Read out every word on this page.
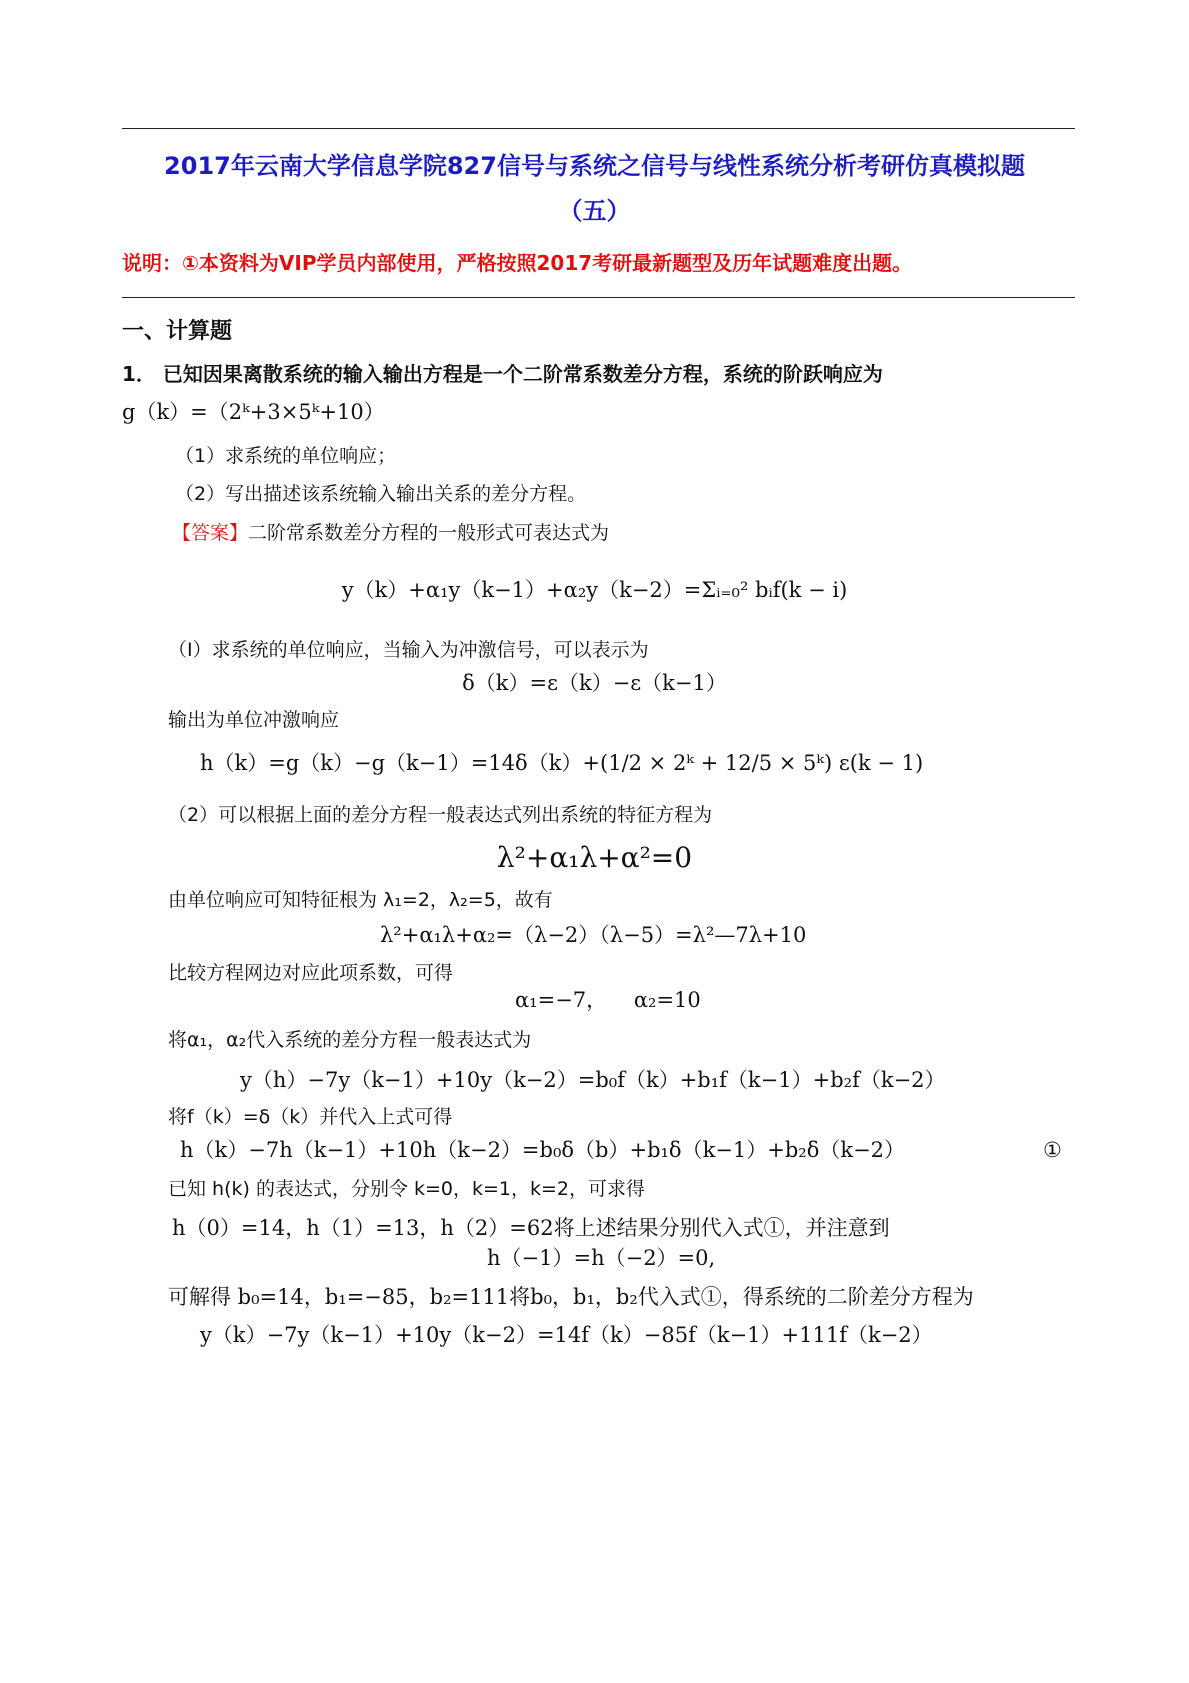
2017年云南大学信息学院827信号与系统之信号与线性系统分析考研仿真模拟题
（五）
说明：①本资料为VIP学员内部使用，严格按照2017考研最新题型及历年试题难度出题。
一、计算题
1． 已知因果离散系统的输入输出方程是一个二阶常系数差分方程，系统的阶跃响应为
g（k）=（2ᵏ+3×5ᵏ+10）
（1）求系统的单位响应；
（2）写出描述该系统输入输出关系的差分方程。
【答案】二阶常系数差分方程的一般形式可表达式为
y（k）+α₁y（k−1）+α₂y（k−2）=Σᵢ₌₀² bᵢf(k − i)
（I）求系统的单位响应，当输入为冲激信号，可以表示为
δ（k）=ε（k）−ε（k−1）
输出为单位冲激响应
h（k）=g（k）−g（k−1）=14δ（k）+(1/2 × 2ᵏ + 12/5 × 5ᵏ) ε(k − 1)
（2）可以根据上面的差分方程一般表达式列出系统的特征方程为
λ²+α₁λ+α²=0
由单位响应可知特征根为 λ₁=2，λ₂=5，故有
λ²+α₁λ+α₂=（λ−2）（λ−5）=λ²—7λ+10
比较方程网边对应此项系数，可得
α₁=−7，    α₂=10
将α₁，α₂代入系统的差分方程一般表达式为
y（h）−7y（k−1）+10y（k−2）=b₀f（k）+b₁f（k−1）+b₂f（k−2）
将f（k）=δ（k）并代入上式可得
h（k）−7h（k−1）+10h（k−2）=b₀δ（b）+b₁δ（k−1）+b₂δ（k−2）	①
已知 h(k) 的表达式，分别令 k=0，k=1，k=2，可求得
h（0）=14，h（1）=13，h（2）=62将上述结果分别代入式①，并注意到
h（−1）=h（−2）=0,
可解得 b₀=14，b₁=−85，b₂=111将b₀，b₁，b₂代入式①，得系统的二阶差分方程为
y（k）−7y（k−1）+10y（k−2）=14f（k）−85f（k−1）+111f（k−2）
